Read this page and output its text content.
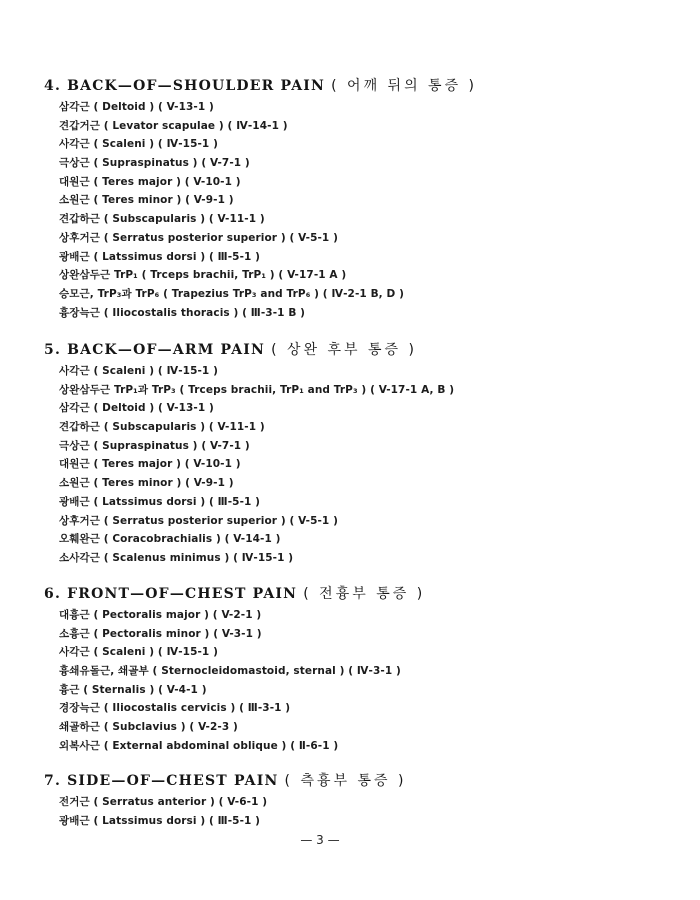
4. BACK—OF—SHOULDER PAIN ( 어깨 뒤의 통증 )
삼각근 ( Deltoid ) ( V-13-1 )
견갑거근 ( Levator scapulae ) ( Ⅳ-14-1 )
사각근 ( Scaleni ) ( Ⅳ-15-1 )
극상근 ( Supraspinatus ) ( V-7-1 )
대원근 ( Teres major ) ( V-10-1 )
소원근 ( Teres minor ) ( V-9-1 )
견갑하근 ( Subscapularis ) ( V-11-1 )
상후거근 ( Serratus posterior superior ) ( V-5-1 )
광배근 ( Latssimus dorsi ) ( Ⅲ-5-1 )
상완삼두근 TrP₁ ( Trceps brachii, TrP₁ ) ( V-17-1 A )
승모근, TrP₃과 TrP₆ ( Trapezius TrP₃ and TrP₆ ) ( Ⅳ-2-1 B, D )
흉장늑근 ( Iliocostalis thoracis ) ( Ⅲ-3-1 B )
5. BACK—OF—ARM PAIN ( 상완 후부 통증 )
사각근 ( Scaleni ) ( Ⅳ-15-1 )
상완삼두근 TrP₁과 TrP₃ ( Trceps brachii, TrP₁ and TrP₃ ) ( V-17-1 A, B )
삼각근 ( Deltoid ) ( V-13-1 )
견갑하근 ( Subscapularis ) ( V-11-1 )
극상근 ( Supraspinatus ) ( V-7-1 )
대원근 ( Teres major ) ( V-10-1 )
소원근 ( Teres minor ) ( V-9-1 )
광배근 ( Latssimus dorsi ) ( Ⅲ-5-1 )
상후거근 ( Serratus posterior superior ) ( V-5-1 )
오훼완근 ( Coracobrachialis ) ( V-14-1 )
소사각근 ( Scalenus minimus ) ( Ⅳ-15-1 )
6. FRONT—OF—CHEST PAIN ( 전흉부 통증 )
대흉근 ( Pectoralis major ) ( V-2-1 )
소흉근 ( Pectoralis minor ) ( V-3-1 )
사각근 ( Scaleni ) ( Ⅳ-15-1 )
흉쇄유돌근, 쇄골부 ( Sternocleidomastoid, sternal ) ( Ⅳ-3-1 )
흉근 ( Sternalis ) ( V-4-1 )
경장늑근 ( Iliocostalis cervicis ) ( Ⅲ-3-1 )
쇄골하근 ( Subclavius ) ( V-2-3 )
외복사근 ( External abdominal oblique ) ( Ⅱ-6-1 )
7. SIDE—OF—CHEST PAIN ( 측흉부 통증 )
전거근 ( Serratus anterior ) ( V-6-1 )
광배근 ( Latssimus dorsi ) ( Ⅲ-5-1 )
— 3 —
